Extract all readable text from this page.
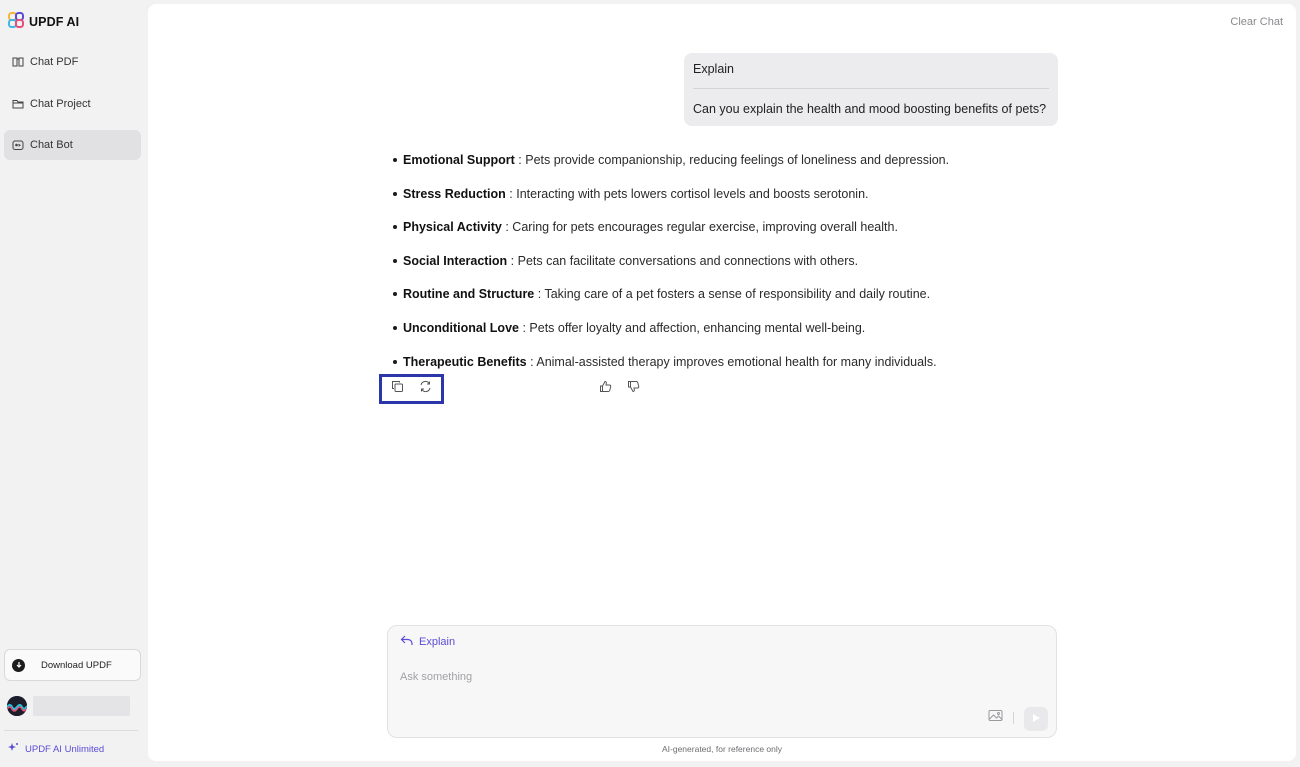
UPDF AI
Chat PDF
Chat Project
Chat Bot
Download UPDF
UPDF AI Unlimited
Clear Chat
Explain
Can you explain the health and mood boosting benefits of pets?
Emotional Support : Pets provide companionship, reducing feelings of loneliness and depression.
Stress Reduction : Interacting with pets lowers cortisol levels and boosts serotonin.
Physical Activity : Caring for pets encourages regular exercise, improving overall health.
Social Interaction : Pets can facilitate conversations and connections with others.
Routine and Structure : Taking care of a pet fosters a sense of responsibility and daily routine.
Unconditional Love : Pets offer loyalty and affection, enhancing mental well-being.
Therapeutic Benefits : Animal-assisted therapy improves emotional health for many individuals.
Explain
Ask something
AI-generated, for reference only
